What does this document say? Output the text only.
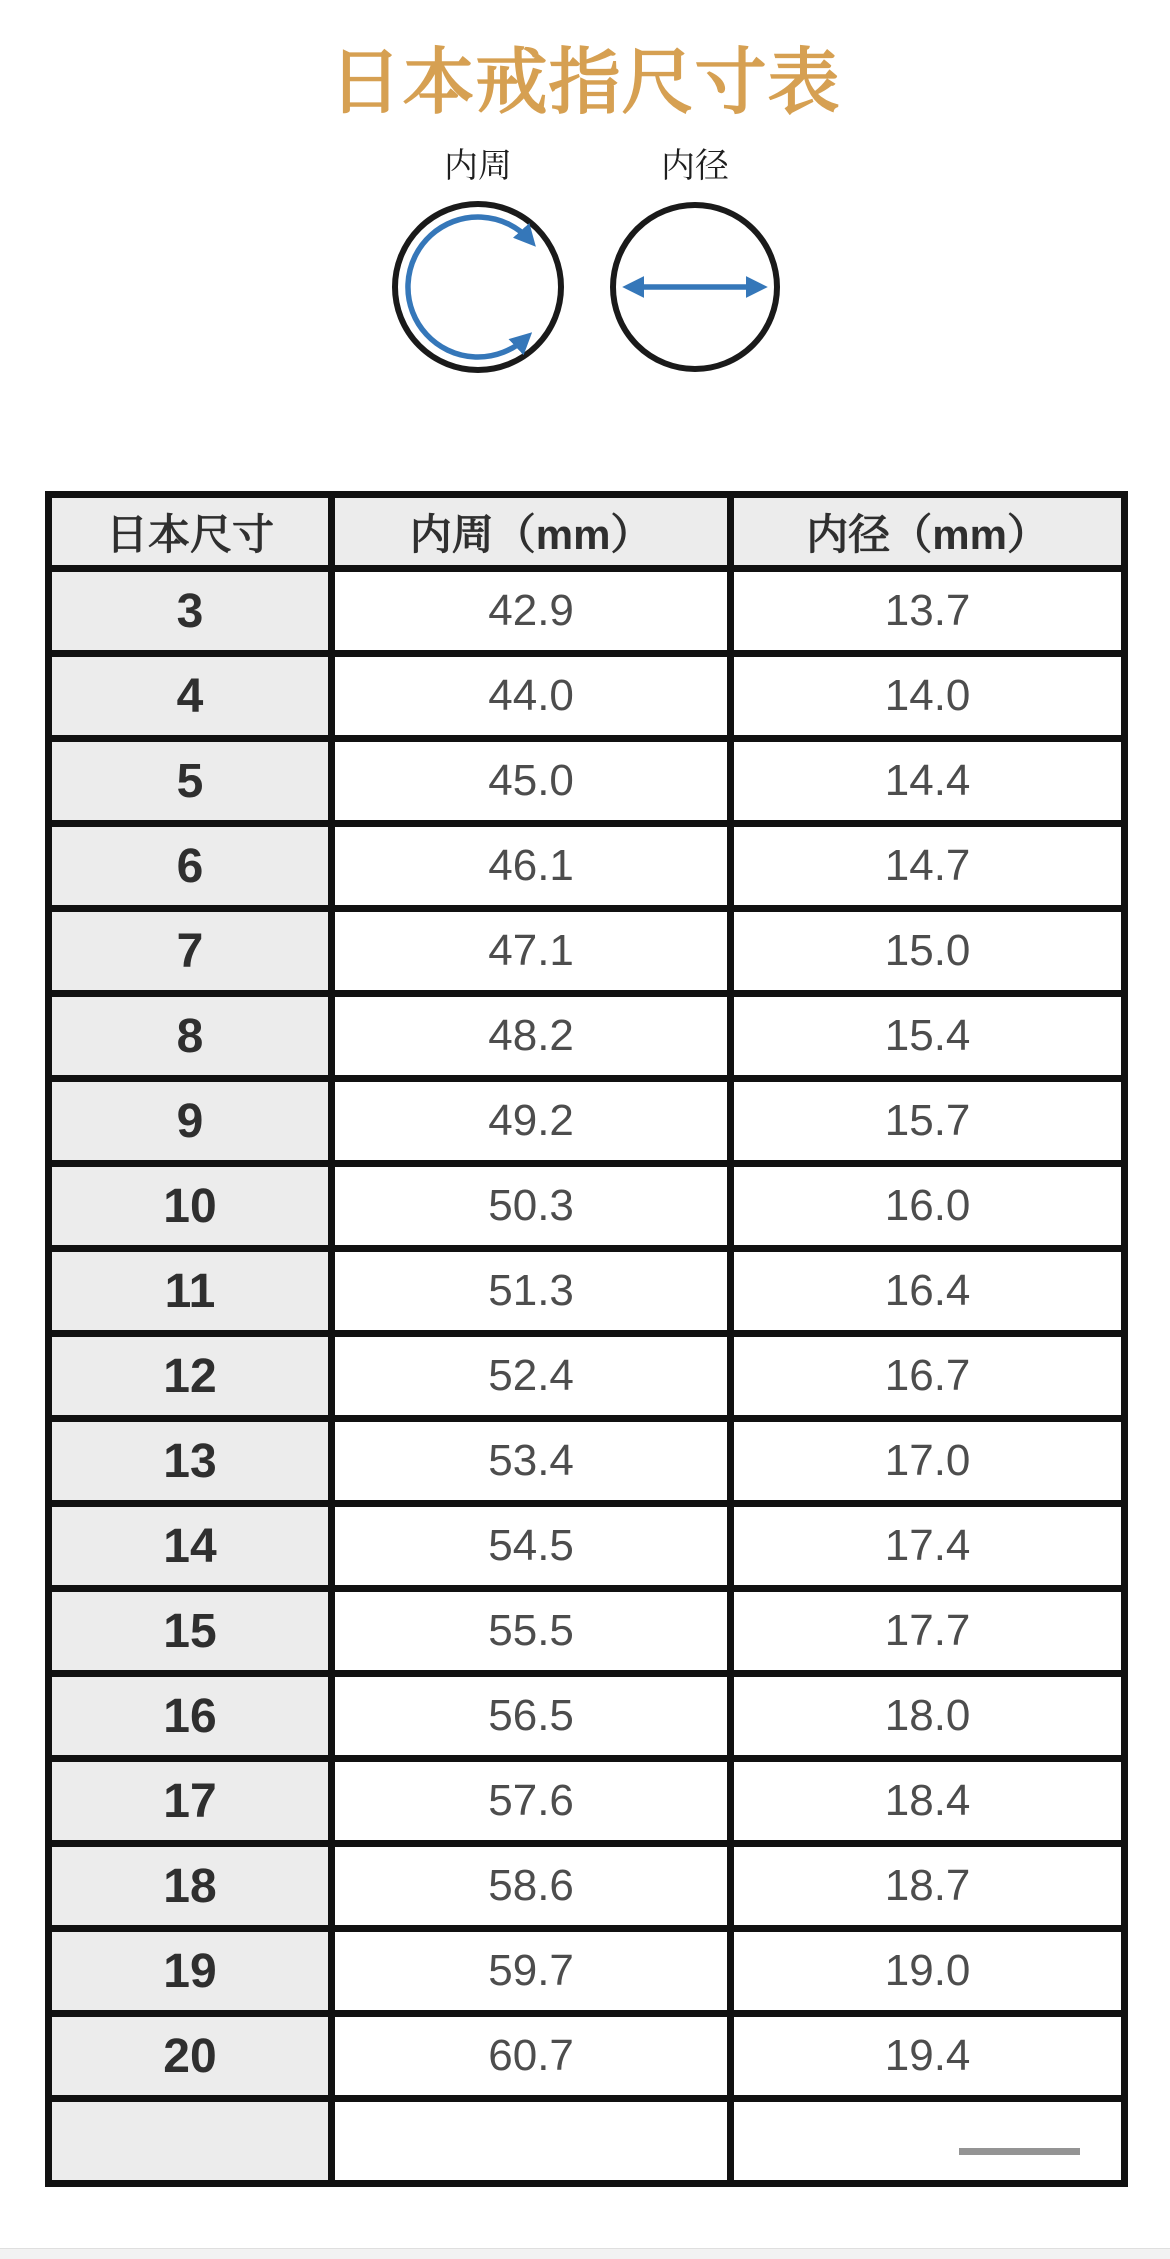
日本戒指尺寸表
内周	内径
日本尺寸	内周（mm）	内径（mm）
3	42.9	13.7
4	44.0	14.0
5	45.0	14.4
6	46.1	14.7
7	47.1	15.0
8	48.2	15.4
9	49.2	15.7
10	50.3	16.0
11	51.3	16.4
12	52.4	16.7
13	53.4	17.0
14	54.5	17.4
15	55.5	17.7
16	56.5	18.0
17	57.6	18.4
18	58.6	18.7
19	59.7	19.0
20	60.7	19.4
